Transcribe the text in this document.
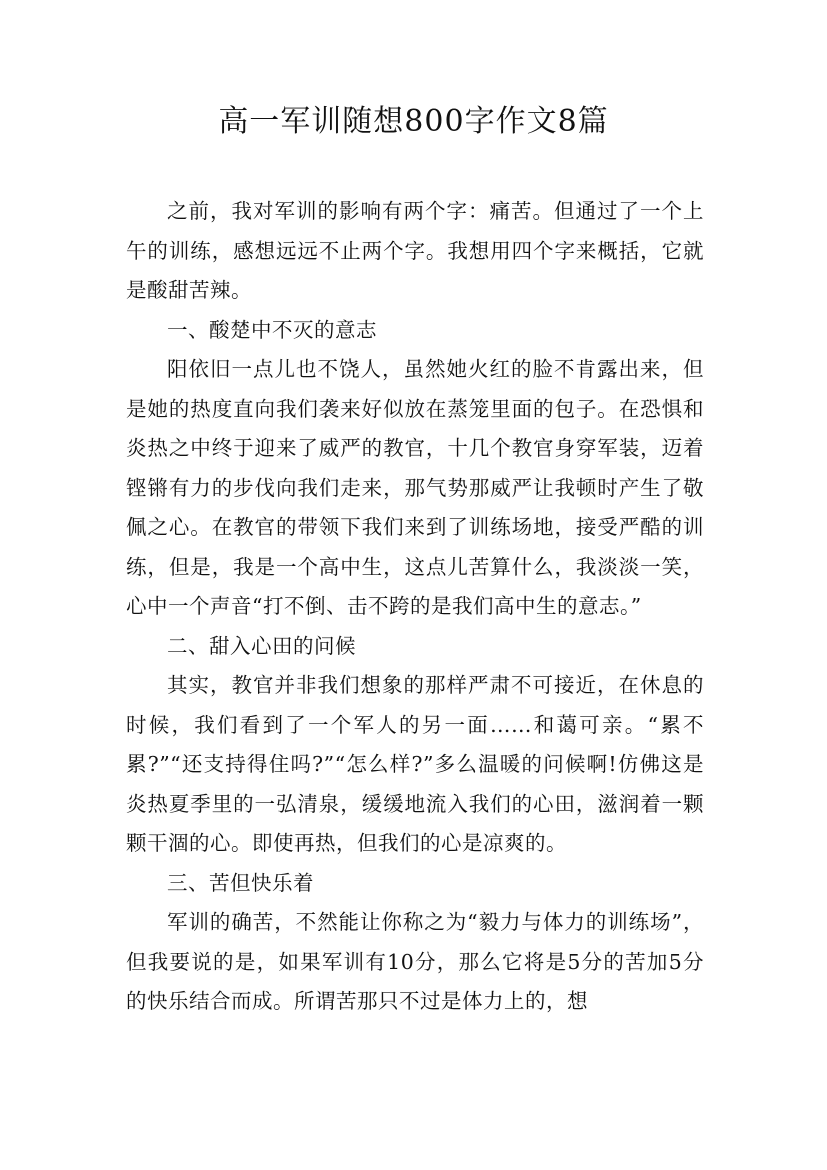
高一军训随想800字作文8篇

之前，我对军训的影响有两个字：痛苦。但通过了一个上午的训练，感想远远不止两个字。我想用四个字来概括，它就是酸甜苦辣。

一、酸楚中不灭的意志

阳依旧一点儿也不饶人，虽然她火红的脸不肯露出来，但是她的热度直向我们袭来好似放在蒸笼里面的包子。在恐惧和炎热之中终于迎来了威严的教官，十几个教官身穿军装，迈着铿锵有力的步伐向我们走来，那气势那威严让我顿时产生了敬佩之心。在教官的带领下我们来到了训练场地，接受严酷的训练，但是，我是一个高中生，这点儿苦算什么，我淡淡一笑，心中一个声音“打不倒、击不跨的是我们高中生的意志。”

二、甜入心田的问候

其实，教官并非我们想象的那样严肃不可接近，在休息的时候，我们看到了一个军人的另一面……和蔼可亲。“累不累?”“还支持得住吗?”“怎么样?”多么温暖的问候啊!仿佛这是炎热夏季里的一弘清泉，缓缓地流入我们的心田，滋润着一颗颗干涸的心。即使再热，但我们的心是凉爽的。

三、苦但快乐着

军训的确苦，不然能让你称之为“毅力与体力的训练场”，但我要说的是，如果军训有10分，那么它将是5分的苦加5分的快乐结合而成。所谓苦那只不过是体力上的，想
